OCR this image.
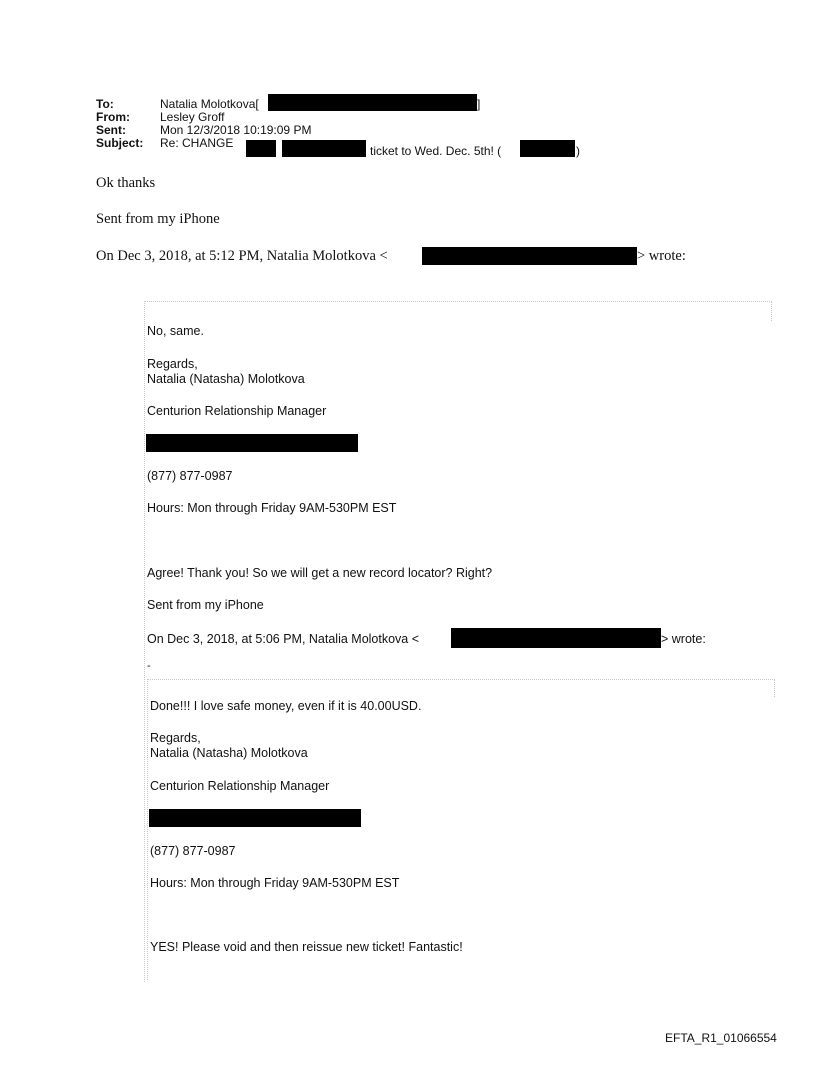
To:	Natalia Molotkova[	]
From:	Lesley Groff
Sent:	Mon 12/3/2018 10:19:09 PM
Subject: Re: CHANGE
ticket to Wed. Dec. 5th! (	)
Ok thanks
Sent from my iPhone
On Dec 3, 2018, at 5:12 PM, Natalia Molotkova <	> wrote:
No, same.
Regards,
Natalia (Natasha) Molotkova
Centurion Relationship Manager
(877) 877-0987
Hours: Mon through Friday 9AM-530PM EST
Agree! Thank you! So we will get a new record locator? Right?
Sent from my iPhone
On Dec 3, 2018, at 5:06 PM, Natalia Molotkova <	> wrote:
-
Done!!! I love safe money, even if it is 40.00USD.
Regards,
Natalia (Natasha) Molotkova
Centurion Relationship Manager
(877) 877-0987
Hours: Mon through Friday 9AM-530PM EST
YES! Please void and then reissue new ticket! Fantastic!
EFTA_R1_01066554
